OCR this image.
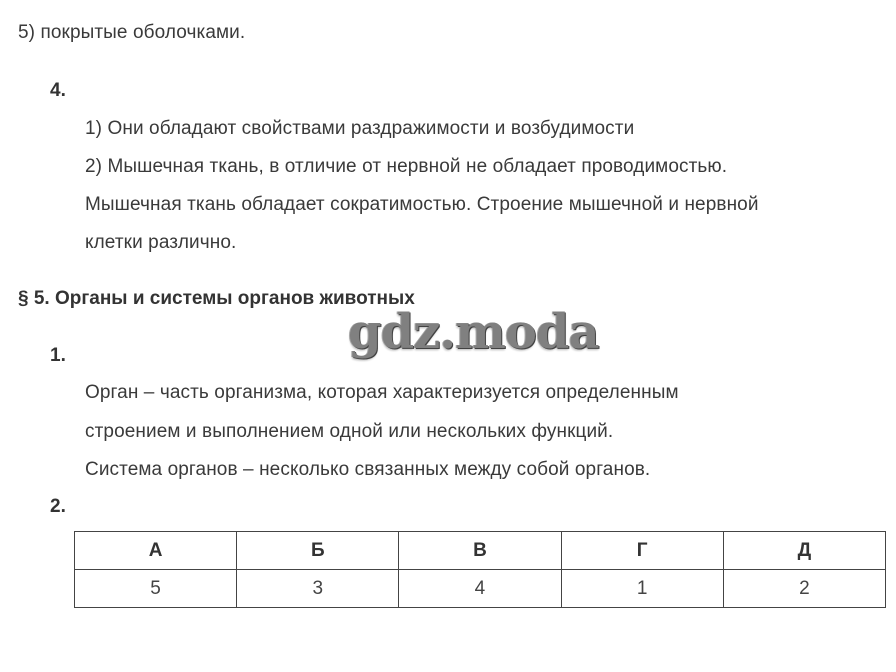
5) покрытые оболочками.
4.
1) Они обладают свойствами раздражимости и возбудимости
2) Мышечная ткань, в отличие от нервной не обладает проводимостью.
Мышечная ткань обладает сократимостью. Строение мышечной и нервной
клетки различно.
§ 5. Органы и системы органов животных
gdz.moda
1.
Орган – часть организма, которая характеризуется определенным
строением и выполнением одной или нескольких функций.
Система органов – несколько связанных между собой органов.
2.
А	Б	В	Г	Д
5	3	4	1	2
